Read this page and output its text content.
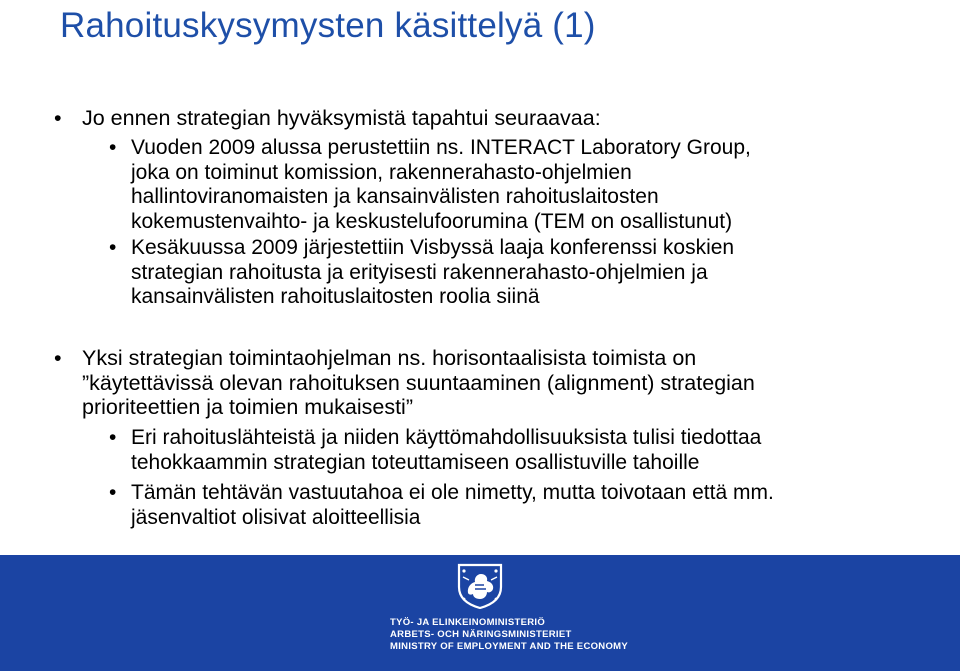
Rahoituskysymysten käsittelyä (1)
• Jo ennen strategian hyväksymistä tapahtui seuraavaa:
• Vuoden 2009 alussa perustettiin ns. INTERACT Laboratory Group,
joka on toiminut komission, rakennerahasto-ohjelmien
hallintoviranomaisten ja kansainvälisten rahoituslaitosten
kokemustenvaihto- ja keskustelufoorumina (TEM on osallistunut)
• Kesäkuussa 2009 järjestettiin Visbyssä laaja konferenssi koskien
strategian rahoitusta ja erityisesti rakennerahasto-ohjelmien ja
kansainvälisten rahoituslaitosten roolia siinä
• Yksi strategian toimintaohjelman ns. horisontaalisista toimista on
”käytettävissä olevan rahoituksen suuntaaminen (alignment) strategian
prioriteettien ja toimien mukaisesti”
• Eri rahoituslähteistä ja niiden käyttömahdollisuuksista tulisi tiedottaa
tehokkaammin strategian toteuttamiseen osallistuville tahoille
• Tämän tehtävän vastuutahoa ei ole nimetty, mutta toivotaan että mm.
jäsenvaltiot olisivat aloitteellisia
TYÖ- JA ELINKEINOMINISTERIÖ
ARBETS- OCH NÄRINGSMINISTERIET
MINISTRY OF EMPLOYMENT AND THE ECONOMY
